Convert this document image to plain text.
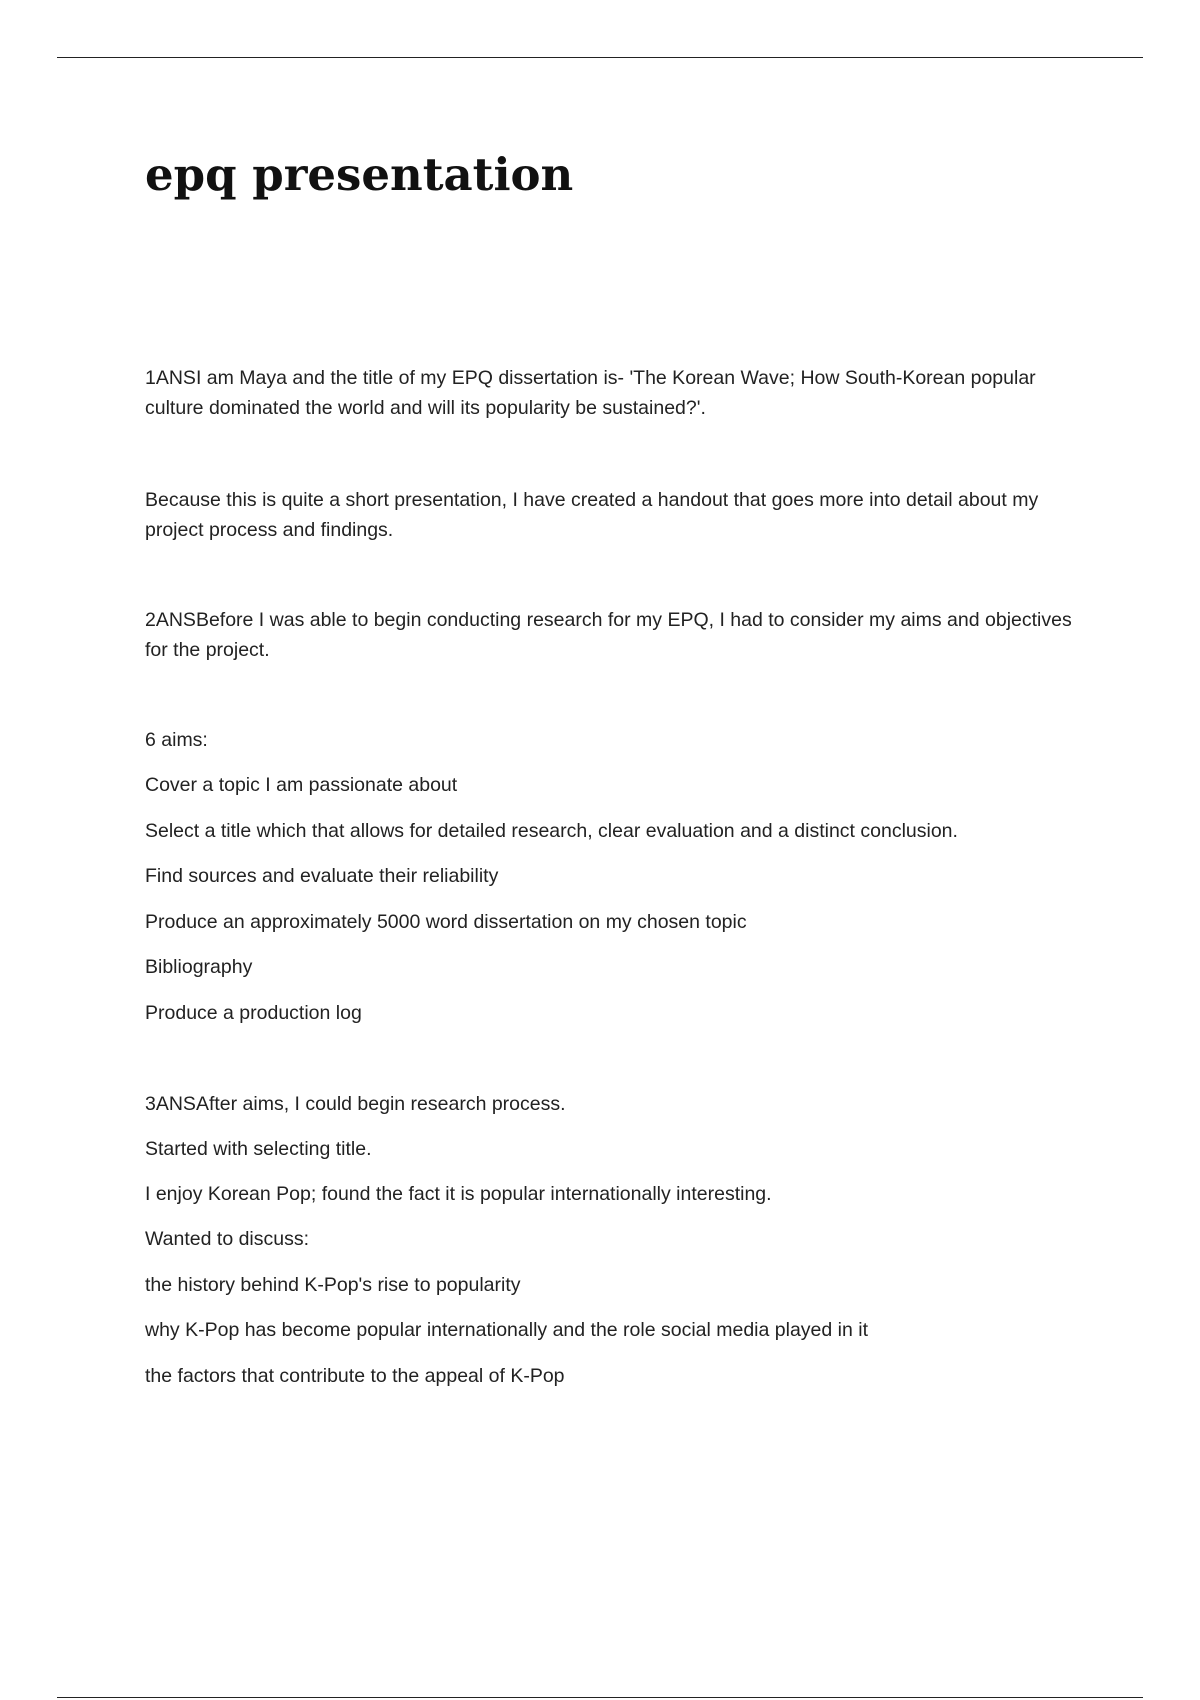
epq presentation

1ANSI am Maya and the title of my EPQ dissertation is- 'The Korean Wave; How South-Korean popular culture dominated the world and will its popularity be sustained?'.

Because this is quite a short presentation, I have created a handout that goes more into detail about my project process and findings.

2ANSBefore I was able to begin conducting research for my EPQ, I had to consider my aims and objectives for the project.

6 aims:

Cover a topic I am passionate about

Select a title which that allows for detailed research, clear evaluation and a distinct conclusion.

Find sources and evaluate their reliability

Produce an approximately 5000 word dissertation on my chosen topic

Bibliography

Produce a production log

3ANSAfter aims, I could begin research process.

Started with selecting title.

I enjoy Korean Pop; found the fact it is popular internationally interesting.

Wanted to discuss:

the history behind K-Pop's rise to popularity

why K-Pop has become popular internationally and the role social media played in it

the factors that contribute to the appeal of K-Pop
